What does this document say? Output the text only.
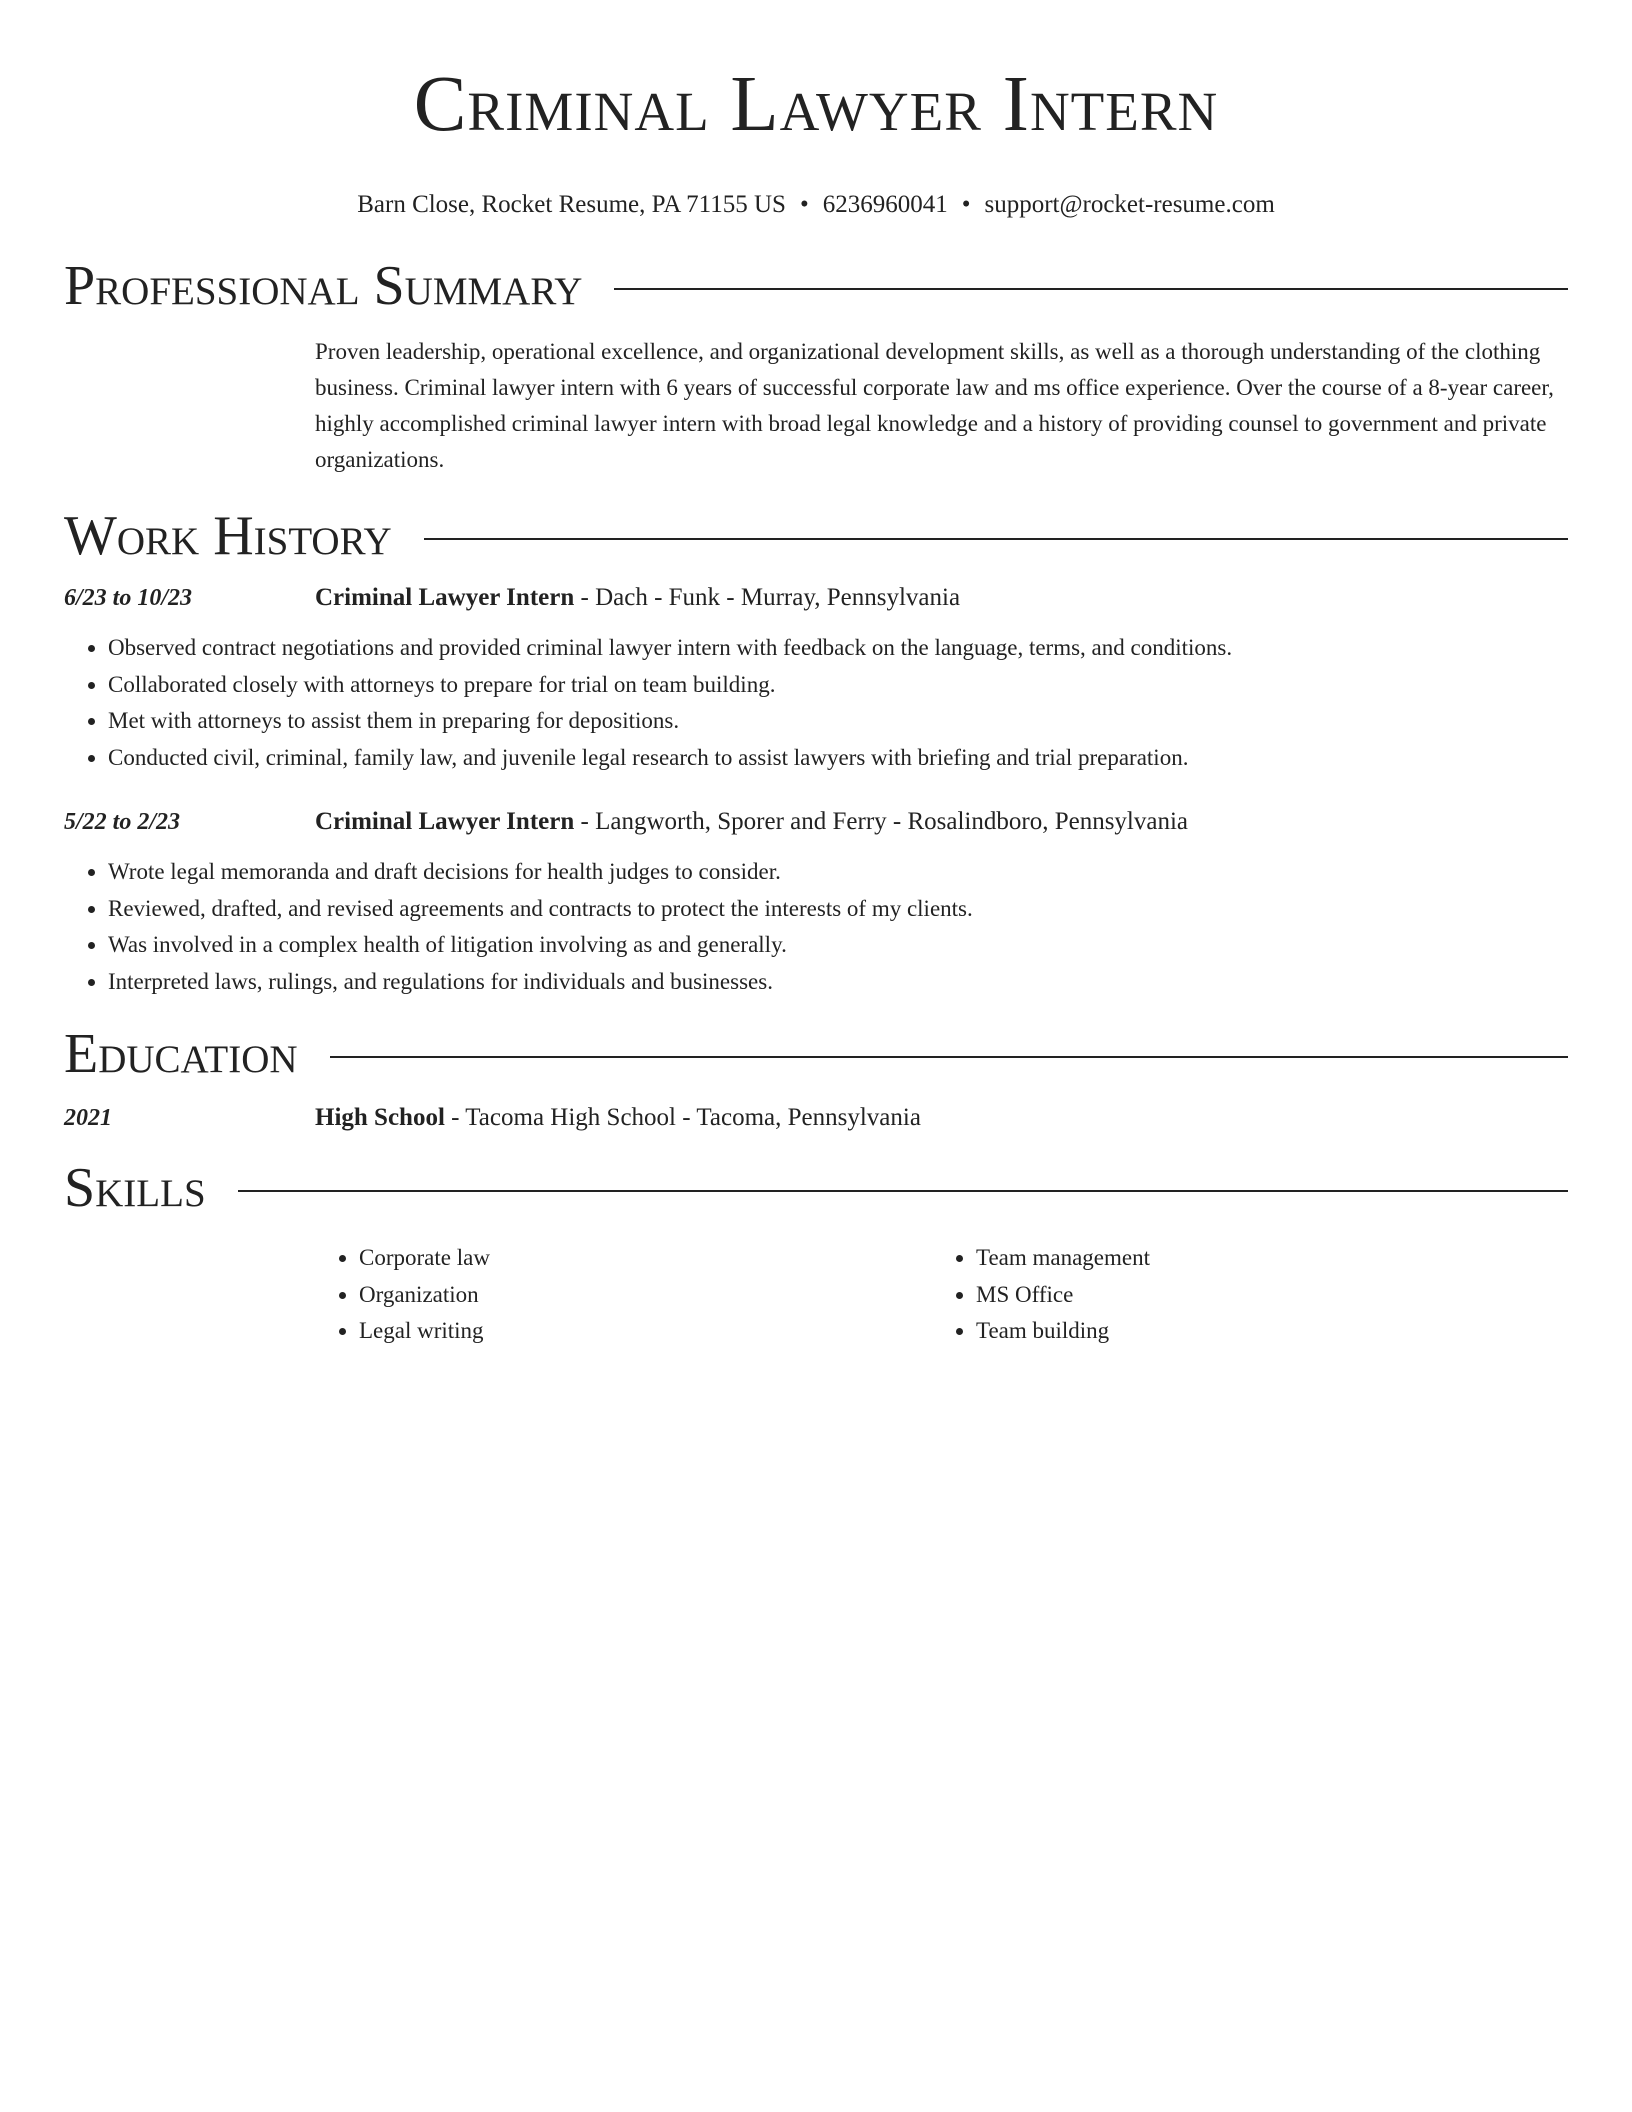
Criminal Lawyer Intern
Barn Close, Rocket Resume, PA 71155 US • 6236960041 • support@rocket-resume.com
Professional Summary
Proven leadership, operational excellence, and organizational development skills, as well as a thorough understanding of the clothing business. Criminal lawyer intern with 6 years of successful corporate law and ms office experience. Over the course of a 8-year career, highly accomplished criminal lawyer intern with broad legal knowledge and a history of providing counsel to government and private organizations.
Work History
6/23 to 10/23	Criminal Lawyer Intern - Dach - Funk - Murray, Pennsylvania
• Observed contract negotiations and provided criminal lawyer intern with feedback on the language, terms, and conditions.
• Collaborated closely with attorneys to prepare for trial on team building.
• Met with attorneys to assist them in preparing for depositions.
• Conducted civil, criminal, family law, and juvenile legal research to assist lawyers with briefing and trial preparation.
5/22 to 2/23	Criminal Lawyer Intern - Langworth, Sporer and Ferry - Rosalindboro, Pennsylvania
• Wrote legal memoranda and draft decisions for health judges to consider.
• Reviewed, drafted, and revised agreements and contracts to protect the interests of my clients.
• Was involved in a complex health of litigation involving as and generally.
• Interpreted laws, rulings, and regulations for individuals and businesses.
Education
2021	High School - Tacoma High School - Tacoma, Pennsylvania
Skills
• Corporate law
• Organization
• Legal writing
• Team management
• MS Office
• Team building
